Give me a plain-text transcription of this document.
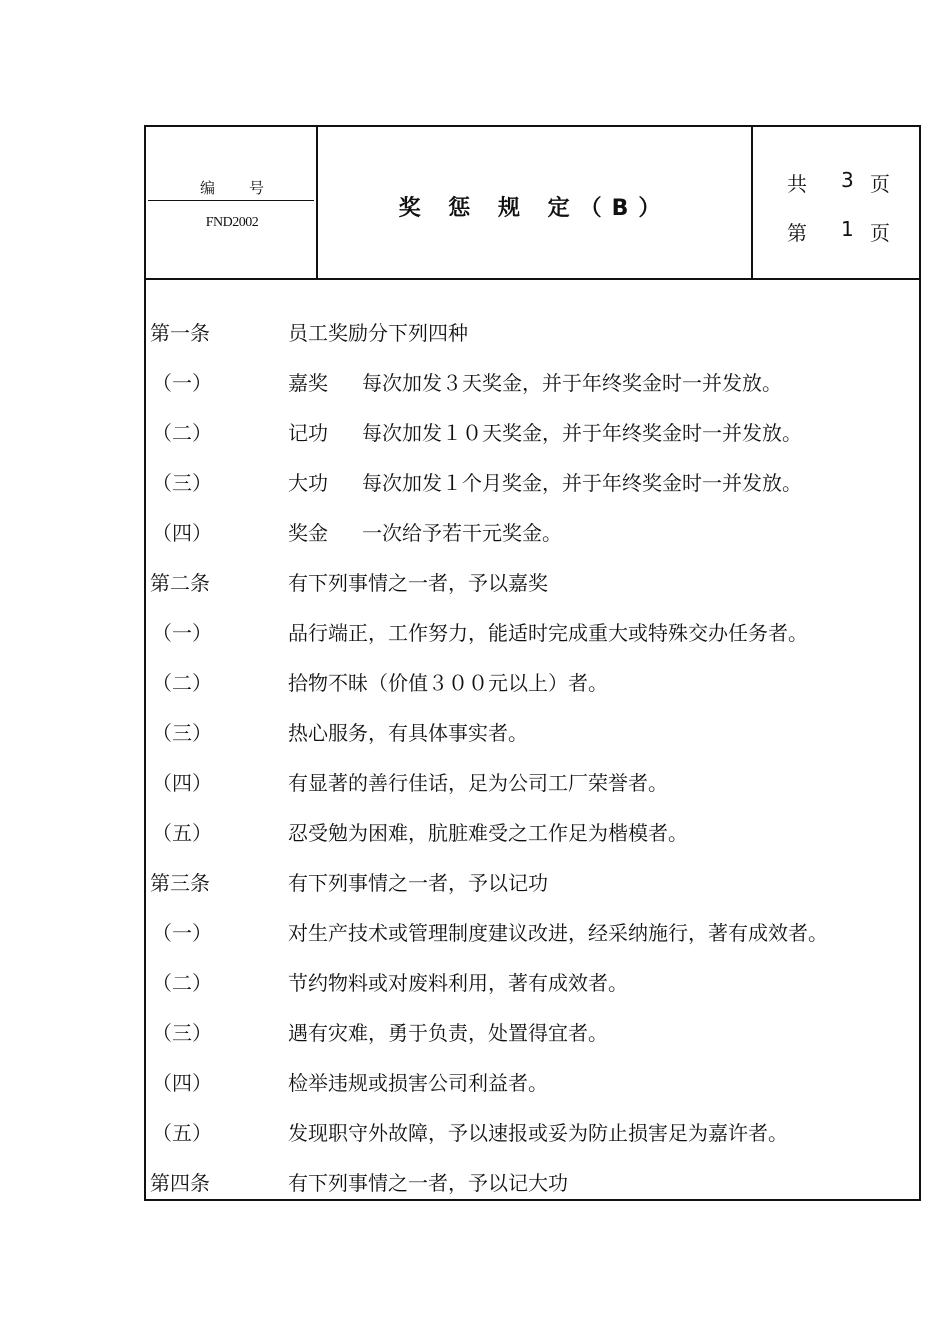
编号
FND2002
奖 惩 规 定（B）
共 3 页
第 1 页
第一条	员工奖励分下列四种
（一）	嘉奖 每次加发３天奖金，并于年终奖金时一并发放。
（二）	记功 每次加发１０天奖金，并于年终奖金时一并发放。
（三）	大功 每次加发１个月奖金，并于年终奖金时一并发放。
（四）	奖金 一次给予若干元奖金。
第二条	有下列事情之一者，予以嘉奖
（一）	品行端正，工作努力，能适时完成重大或特殊交办任务者。
（二）	拾物不昧（价值３００元以上）者。
（三）	热心服务，有具体事实者。
（四）	有显著的善行佳话，足为公司工厂荣誉者。
（五）	忍受勉为困难，肮脏难受之工作足为楷模者。
第三条	有下列事情之一者，予以记功
（一）	对生产技术或管理制度建议改进，经采纳施行，著有成效者。
（二）	节约物料或对废料利用，著有成效者。
（三）	遇有灾难，勇于负责，处置得宜者。
（四）	检举违规或损害公司利益者。
（五）	发现职守外故障，予以速报或妥为防止损害足为嘉许者。
第四条	有下列事情之一者，予以记大功
